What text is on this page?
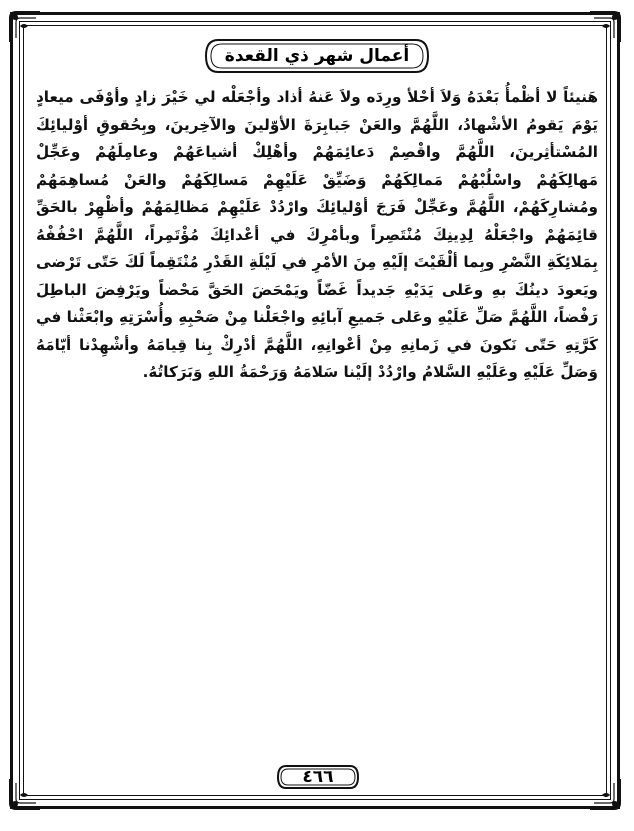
أعمال شهر ذي القعدة

هَنيئاً لا أظْمأُ بَعْدَهُ وَلاَ أحْلأ ورِدَه ولاَ عَنهُ أذاد وأجْعَلْه لي خَيْرَ زادٍ وأوْفَى ميعادٍ يَوْمَ يَقومُ الأشْهادُ، اللَّهُمَّ والعَنْ جَبابِرَةَ الأوّلينَ والآخِرينَ، وبِحُقوقِ أوْليائِكَ المُسْتأثِرينَ، اللَّهُمَّ واقْصِمْ دَعائِمَهُمْ وأهْلِكْ أشياعَهُمْ وعامِلَهُمْ وعَجِّلْ مَهالِكَهُمْ واسْلُبْهُمْ مَمالِكَهُمْ وَضَيِّقْ عَلَيْهِمْ مَسالِكَهُمْ والعَنْ مُساهِمَهُمْ ومُشارِكَهُمْ، اللَّهُمَّ وعَجِّلْ فَرَجَ أوْليائِكَ وارْدُدْ عَلَيْهِمْ مَظالِمَهُمْ وأظْهِرْ بالحَقِّ قائِمَهُمْ واجْعَلْهُ لِدِينِكَ مُنْتَصِراً وبأمْرِكَ في أعْدائِكَ مُؤْتَمِراً، اللَّهُمَّ احْفُفْهُ بِمَلائِكَةِ النَّصْرِ وبِما ألْقَيْتَ إلَيْهِ مِنَ الأمْرِ في لَيْلَةِ القَدْرِ مُنْتَقِماً لَكَ حَتّى تَرْضى ويَعودَ دينُكَ بهِ وعَلى يَدَيْهِ جَديداً غَضّاً ويَمْحَضَ الحَقَّ مَحْضاً ويَرْفِضَ الباطِلَ رَفْضاً، اللَّهُمَّ صَلِّ عَلَيْهِ وعَلى جَميعِ آبائِهِ واجْعَلْنا مِنْ صَحْبِهِ وأُسْرَتِهِ وابْعَثْنا في كَرَّتِهِ حَتّى نَكونَ في زَمانِهِ مِنْ أعْوانِهِ، اللَّهُمَّ أدْرِكْ بِنا قِيامَهُ وأشْهِدْنا أيّامَهُ وَصَلِّ عَلَيْهِ وعَلَيْهِ السَّلامُ وارْدُدْ إلَيْنا سَلامَهُ وَرَحْمَةُ اللهِ وَبَرَكاتُهُ.

٤٦٦
